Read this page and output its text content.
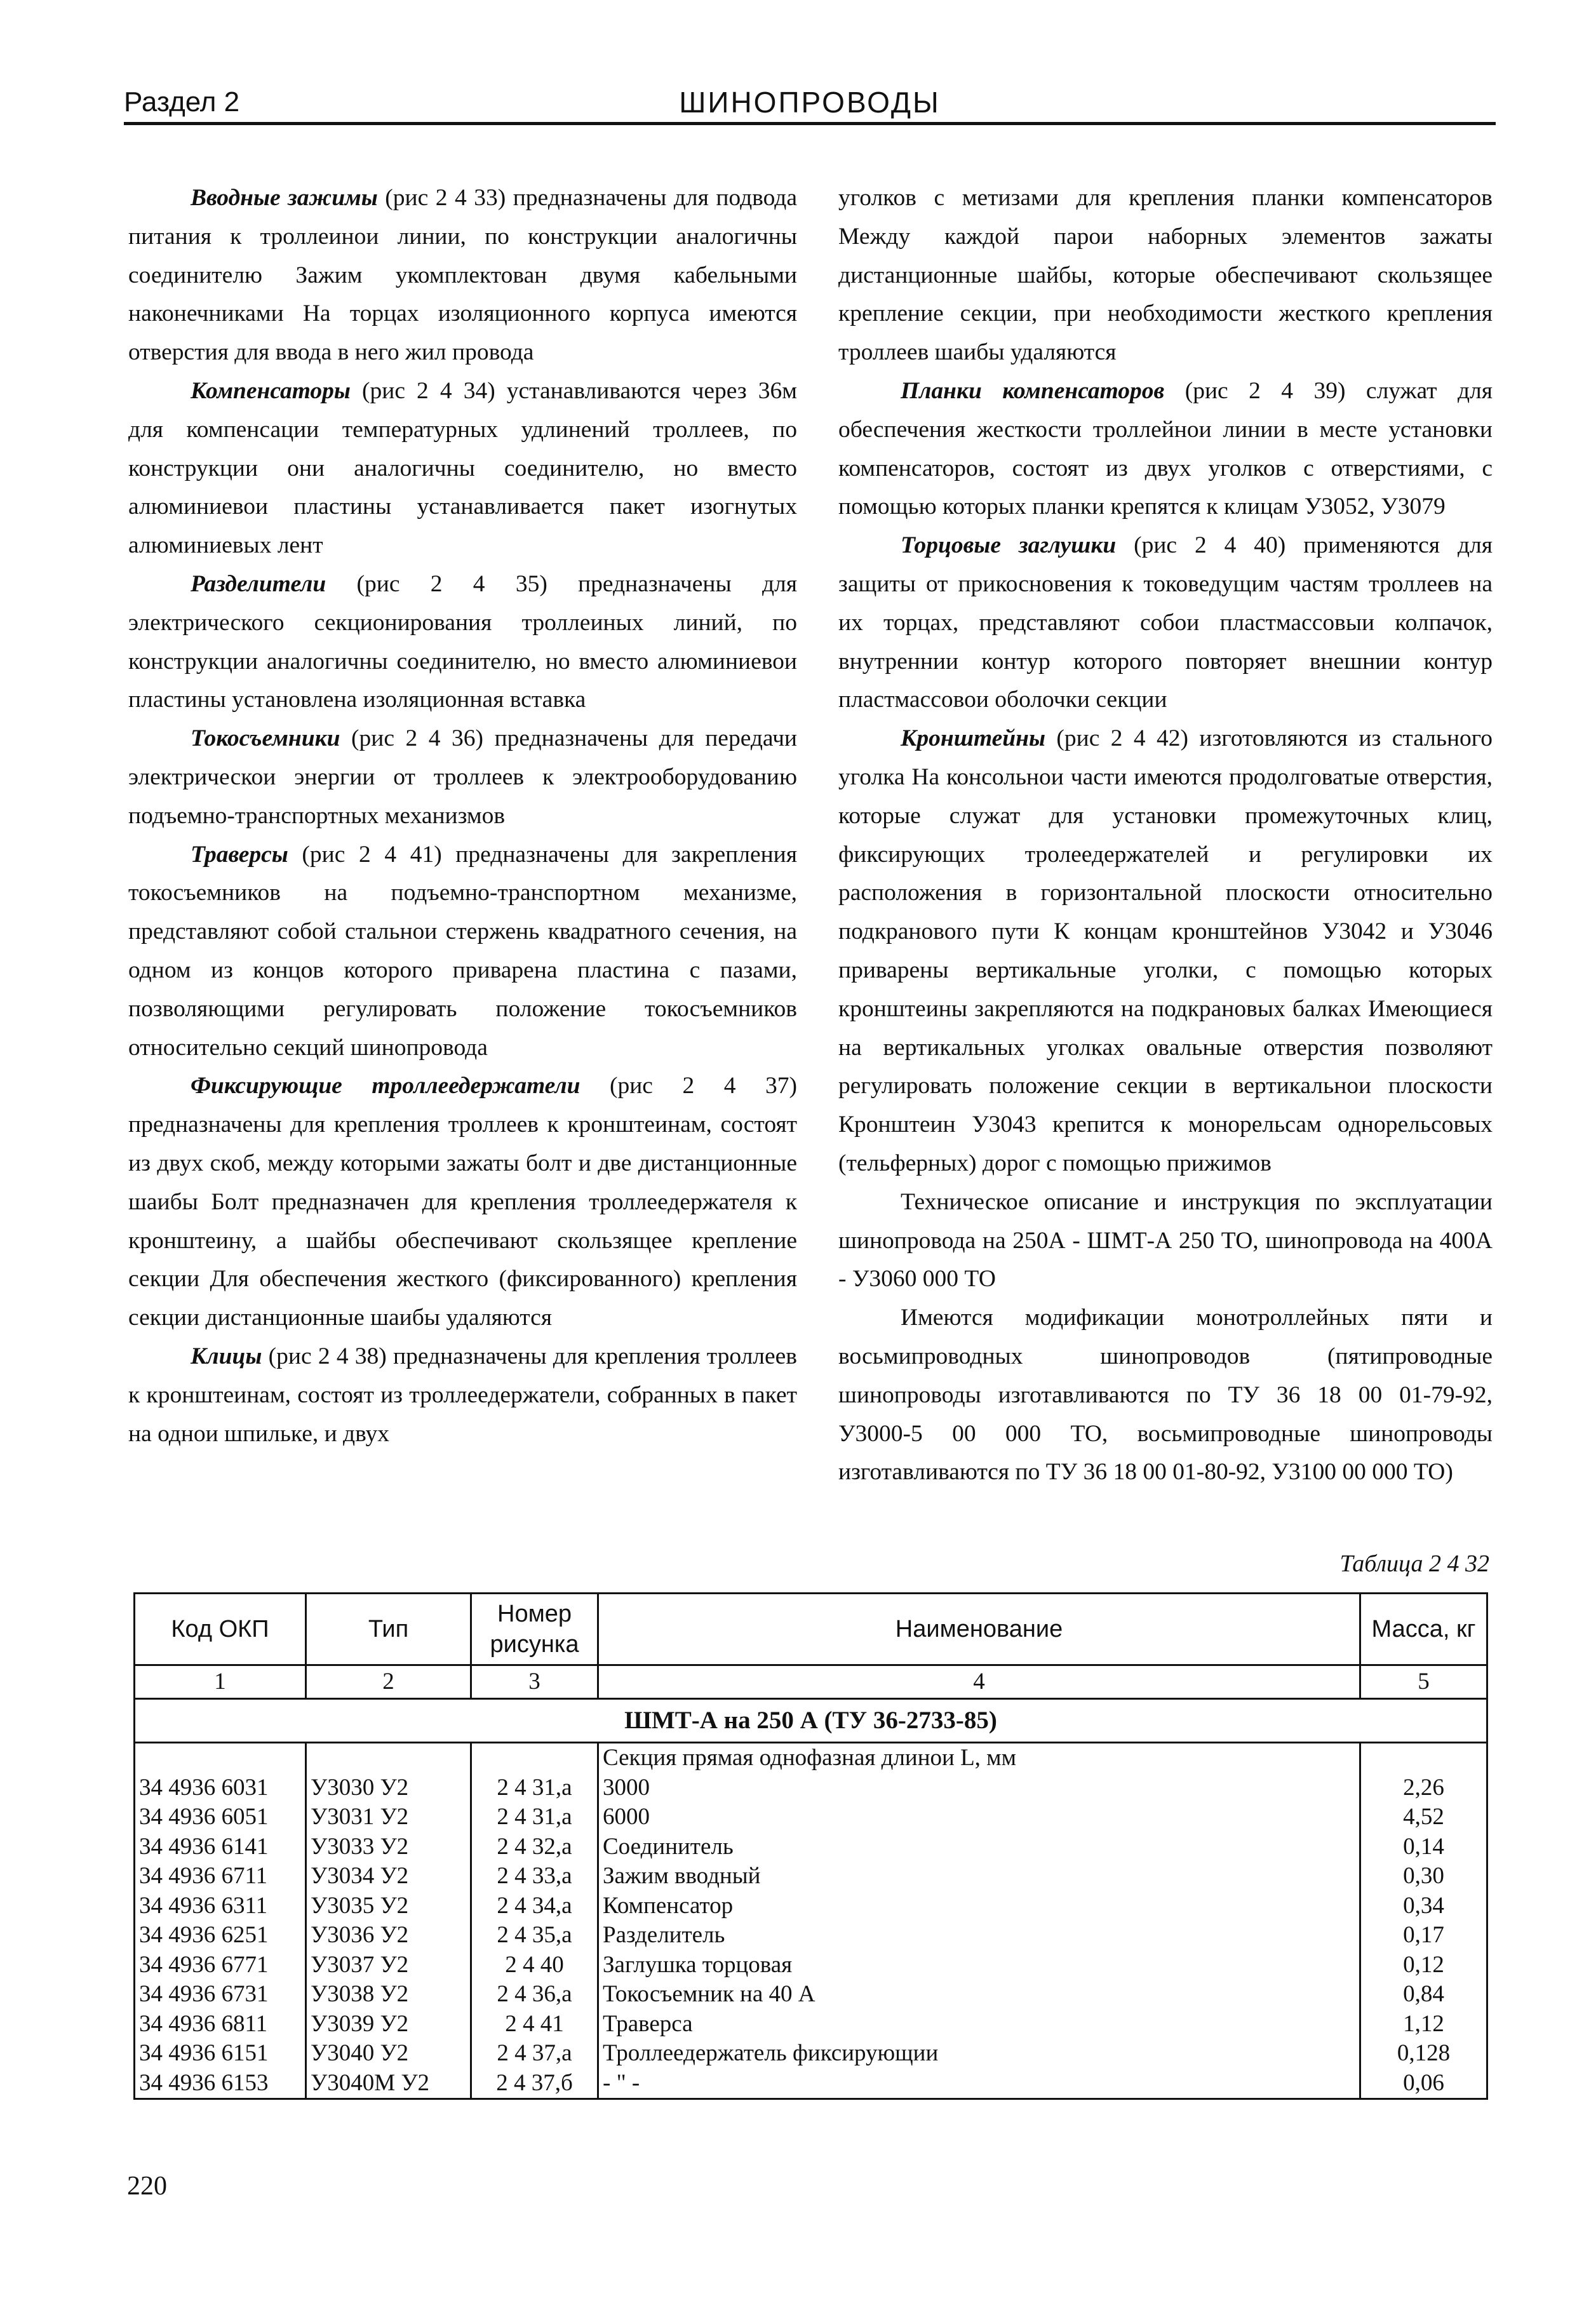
Раздел 2	ШИНОПРОВОДЫ

Вводные зажимы (рис 2 4 33) предназначены для подвода питания к троллеинои линии, по конструкции аналогичны соединителю Зажим укомплектован двумя кабельными наконечниками На торцах изоляционного корпуса имеются отверстия для ввода в него жил провода

Компенсаторы (рис 2 4 34) устанавливаются через 36м для компенсации температурных удлинений троллеев, по конструкции они аналогичны соединителю, но вместо алюминиевои пластины устанавливается пакет изогнутых алюминиевых лент

Разделители (рис 2 4 35) предназначены для электрического секционирования троллеиных линий, по конструкции аналогичны соединителю, но вместо алюминиевои пластины установлена изоляционная вставка

Токосъемники (рис 2 4 36) предназначены для передачи электрическои энергии от троллеев к электрооборудованию подъемно-транспортных механизмов

Траверсы (рис 2 4 41) предназначены для закрепления токосъемников на подъемно-транспортном механизме, представляют собой стальнои стержень квадратного сечения, на одном из концов которого приварена пластина с пазами, позволяющими регулировать положение токосъемников относительно секций шинопровода

Фиксирующие троллеедержатели (рис 2 4 37) предназначены для крепления троллеев к кронштеинам, состоят из двух скоб, между которыми зажаты болт и две дистанционные шаибы Болт предназначен для крепления троллеедержателя к кронштеину, а шайбы обеспечивают скользящее крепление секции Для обеспечения жесткого (фиксированного) крепления секции дистанционные шаибы удаляются

Клицы (рис 2 4 38) предназначены для крепления троллеев к кронштеинам, состоят из троллеедержатели, собранных в пакет на однои шпильке, и двух

уголков с метизами для крепления планки компенсаторов Между каждой парои наборных элементов зажаты дистанционные шайбы, которые обеспечивают скользящее крепление секции, при необходимости жесткого крепления троллеев шаибы удаляются

Планки компенсаторов (рис 2 4 39) служат для обеспечения жесткости троллейнои линии в месте установки компенсаторов, состоят из двух уголков с отверстиями, с помощью которых планки крепятся к клицам У3052, У3079

Торцовые заглушки (рис 2 4 40) применяются для защиты от прикосновения к токоведущим частям троллеев на их торцах, представляют собои пластмассовыи колпачок, внутреннии контур которого повторяет внешнии контур пластмассовои оболочки секции

Кронштейны (рис 2 4 42) изготовляются из стального уголка На консольнои части имеются продолговатые отверстия, которые служат для установки промежуточных клиц, фиксирующих тролеедержателей и регулировки их расположения в горизонтальной плоскости относительно подкранового пути К концам кронштейнов У3042 и У3046 приварены вертикальные уголки, с помощью которых кронштеины закрепляются на подкрановых балках Имеющиеся на вертикальных уголках овальные отверстия позволяют регулировать положение секции в вертикальнои плоскости Кронштеин У3043 крепится к монорельсам однорельсовых (тельферных) дорог с помощью прижимов

Техническое описание и инструкция по эксплуатации шинопровода на 250А - ШМТ-А 250 ТО, шинопровода на 400А - У3060 000 ТО

Имеются модификации монотроллейных пяти и восьмипроводных шинопроводов (пятипроводные шинопроводы изготавливаются по ТУ 36 18 00 01-79-92, У3000-5 00 000 ТО, восьмипроводные шинопроводы изготавливаются по ТУ 36 18 00 01-80-92, У3100 00 000 ТО)

Таблица 2 4 32
Код ОКП	Тип	Номер рисунка	Наименование	Масса, кг
1	2	3	4	5
ШМТ-А на 250 А (ТУ 36-2733-85)				
			Секция прямая однофазная длинои L, мм	
34 4936 6031	У3030 У2	2 4 31,а	3000	2,26
34 4936 6051	У3031 У2	2 4 31,а	6000	4,52
34 4936 6141	У3033 У2	2 4 32,а	Соединитель	0,14
34 4936 6711	У3034 У2	2 4 33,а	Зажим вводный	0,30
34 4936 6311	У3035 У2	2 4 34,а	Компенсатор	0,34
34 4936 6251	У3036 У2	2 4 35,а	Разделитель	0,17
34 4936 6771	У3037 У2	2 4 40	Заглушка торцовая	0,12
34 4936 6731	У3038 У2	2 4 36,а	Токосъемник на 40 А	0,84
34 4936 6811	У3039 У2	2 4 41	Траверса	1,12
34 4936 6151	У3040 У2	2 4 37,а	Троллеедержатель фиксирующии	0,128
34 4936 6153	У3040М У2	2 4 37,б	- " -	0,06
220
